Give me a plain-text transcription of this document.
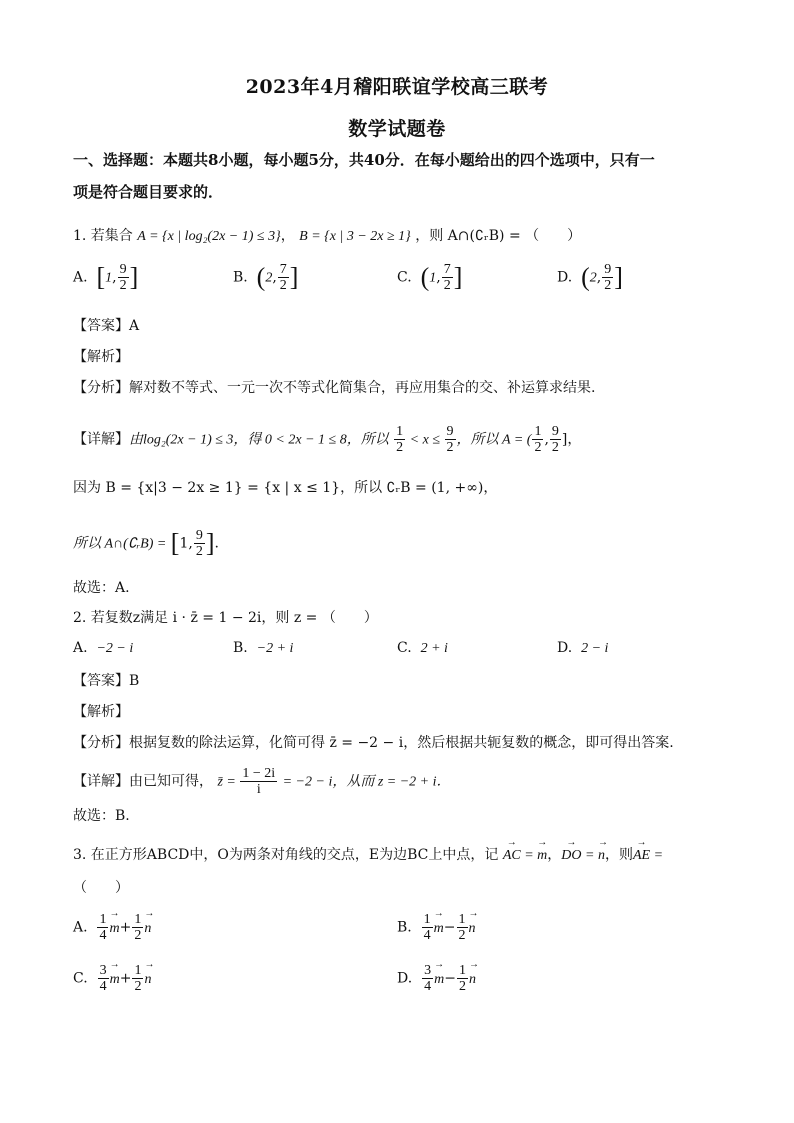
2023年4月稽阳联谊学校高三联考
数学试题卷
一、选择题：本题共8小题，每小题5分，共40分．在每小题给出的四个选项中，只有一
项是符合题目要求的．
1. 若集合 A = {x | log₂(2x − 1) ≤ 3}， B = {x | 3 − 2x ≥ 1} ，则 A∩(∁ᵣB) = （　　）
A. [1, $\frac{9}{2}$ ]	B. (2, $\frac{7}{2}$ ]	C. (1, $\frac{7}{2}$ ]	D. (2, $\frac{9}{2}$ ]
【答案】A
【解析】
【分析】解对数不等式、一元一次不等式化简集合，再应用集合的交、补运算求结果.
【详解】由log₂(2x − 1) ≤ 3，得 0 < 2x − 1 ≤ 8，所以 $\frac{1}{2} < x \le \frac{9}{2}$ ，所以 A = ( $\frac{1}{2}$ , $\frac{9}{2}$ ]，
因为 B = {x|3 − 2x ≥ 1} = {x | x ≤ 1}，所以 ∁ᵣB = (1, +∞)，
所以 A∩(∁ᵣB) = [1, $\frac{9}{2}$ ].
故选：A.
2. 若复数z满足 i · z̄ = 1 − 2i，则 z = （　　）
A. −2 − i	B. −2 + i	C. 2 + i	D. 2 − i
【答案】B
【解析】
【分析】根据复数的除法运算，化简可得 z̄ = −2 − i，然后根据共轭复数的概念，即可得出答案.
【详解】由已知可得， z̄ = $\frac{1 - 2i}{i} = -2 - i$，从而 z = −2 + i．
故选：B.
3. 在正方形ABCD中，O为两条对角线的交点，E为边BC上中点，记 → AC = → m，→ DO = → n，则→ AE =
（　　）
A. $\frac{1}{4}$
→ $m+ \frac{1}{2}$
→ n	B. $\frac{1}{4}$
→ $m- \frac{1}{2}$
→ n
C. $\frac{3}{4}$
→ $m+ \frac{1}{2}$
→ n	D. $\frac{3}{4}$
→ $m- \frac{1}{2}$
→ n
